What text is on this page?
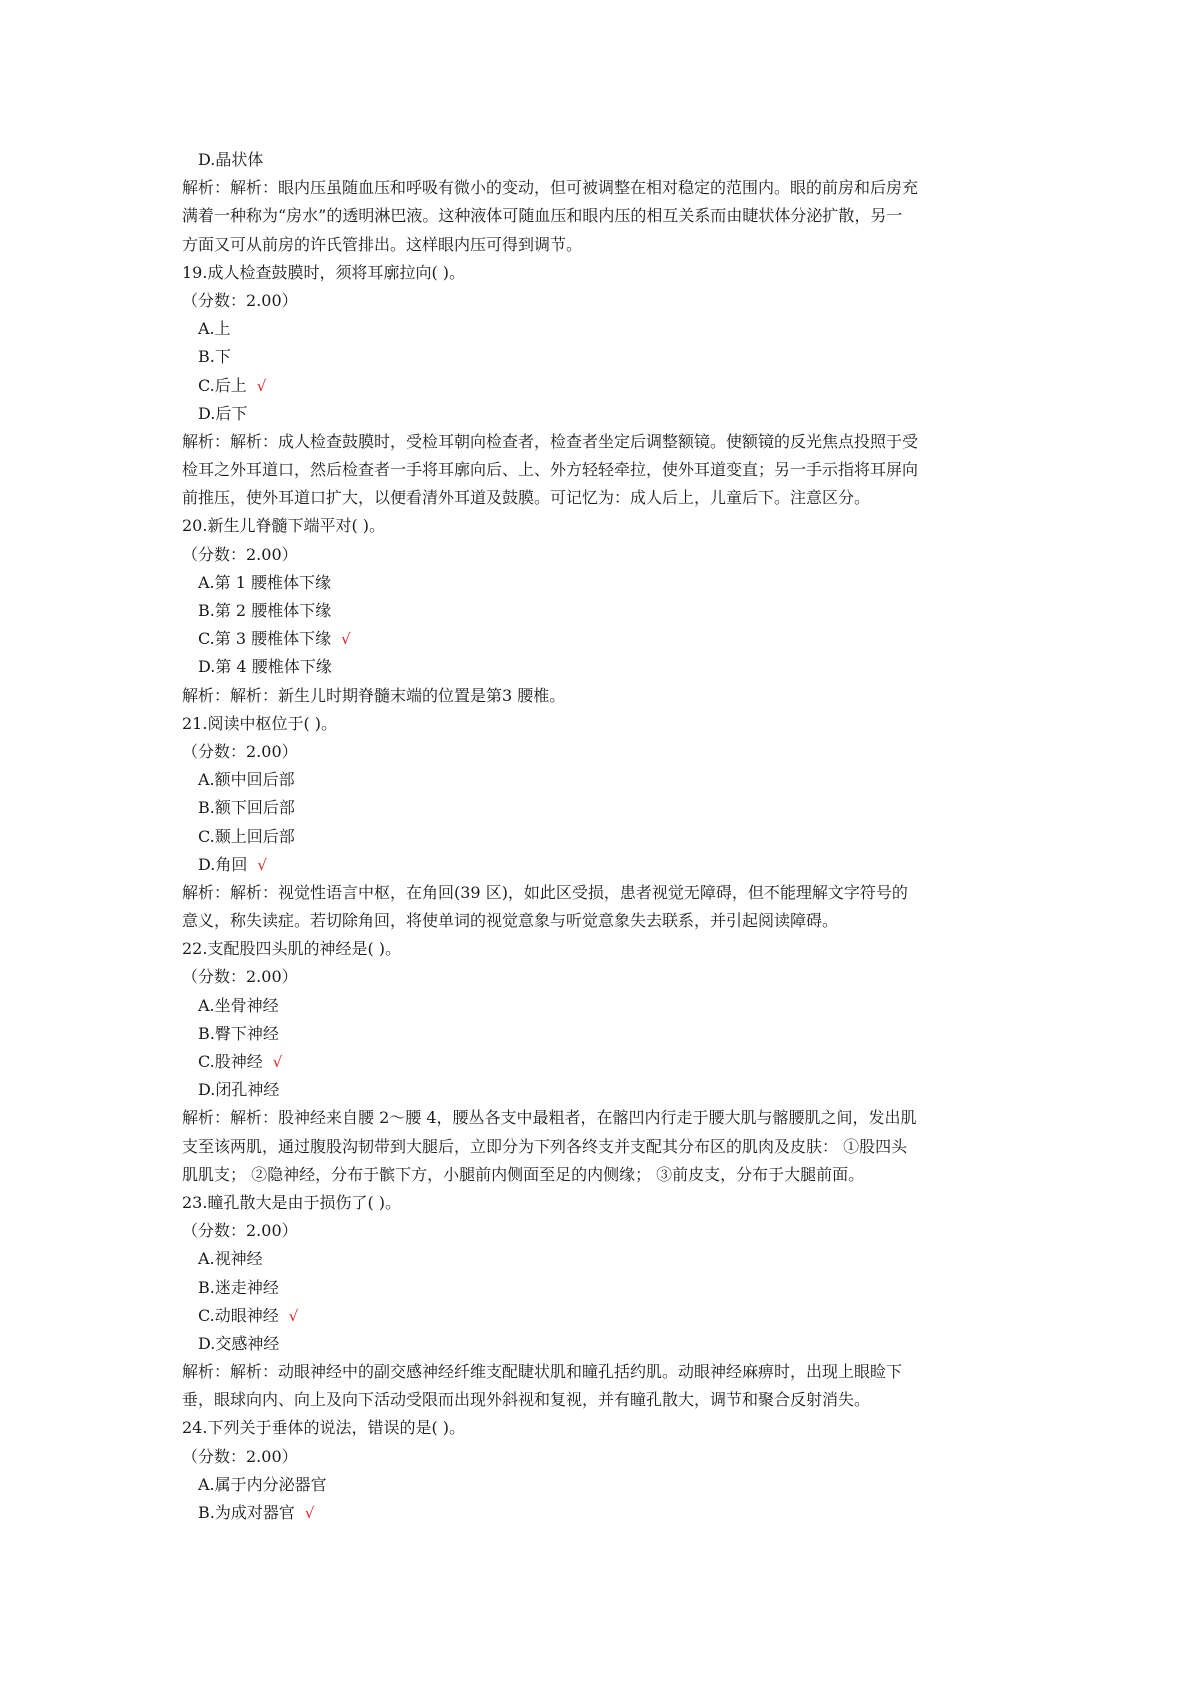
D.晶状体
解析：解析：眼内压虽随血压和呼吸有微小的变动，但可被调整在相对稳定的范围内。眼的前房和后房充
满着一种称为“房水”的透明淋巴液。这种液体可随血压和眼内压的相互关系而由睫状体分泌扩散，另一
方面又可从前房的许氏管排出。这样眼内压可得到调节。
19.成人检查鼓膜时，须将耳廓拉向( )。
（分数：2.00）
A.上
B.下
C.后上 √
D.后下
解析：解析：成人检查鼓膜时，受检耳朝向检查者，检查者坐定后调整额镜。使额镜的反光焦点投照于受
检耳之外耳道口，然后检查者一手将耳廓向后、上、外方轻轻牵拉，使外耳道变直；另一手示指将耳屏向
前推压，使外耳道口扩大，以便看清外耳道及鼓膜。可记忆为：成人后上，儿童后下。注意区分。
20.新生儿脊髓下端平对( )。
（分数：2.00）
A.第 1 腰椎体下缘
B.第 2 腰椎体下缘
C.第 3 腰椎体下缘 √
D.第 4 腰椎体下缘
解析：解析：新生儿时期脊髓末端的位置是第3 腰椎。
21.阅读中枢位于( )。
（分数：2.00）
A.额中回后部
B.额下回后部
C.颞上回后部
D.角回 √
解析：解析：视觉性语言中枢，在角回(39 区)，如此区受损，患者视觉无障碍，但不能理解文字符号的
意义，称失读症。若切除角回，将使单词的视觉意象与听觉意象失去联系，并引起阅读障碍。
22.支配股四头肌的神经是( )。
（分数：2.00）
A.坐骨神经
B.臀下神经
C.股神经 √
D.闭孔神经
解析：解析：股神经来自腰 2～腰 4，腰丛各支中最粗者，在髂凹内行走于腰大肌与髂腰肌之间，发出肌
支至该两肌，通过腹股沟韧带到大腿后，立即分为下列各终支并支配其分布区的肌肉及皮肤： ①股四头
肌肌支； ②隐神经，分布于髌下方，小腿前内侧面至足的内侧缘； ③前皮支，分布于大腿前面。
23.瞳孔散大是由于损伤了( )。
（分数：2.00）
A.视神经
B.迷走神经
C.动眼神经 √
D.交感神经
解析：解析：动眼神经中的副交感神经纤维支配睫状肌和瞳孔括约肌。动眼神经麻痹时，出现上眼睑下
垂，眼球向内、向上及向下活动受限而出现外斜视和复视，并有瞳孔散大，调节和聚合反射消失。
24.下列关于垂体的说法，错误的是( )。
（分数：2.00）
A.属于内分泌器官
B.为成对器官 √
